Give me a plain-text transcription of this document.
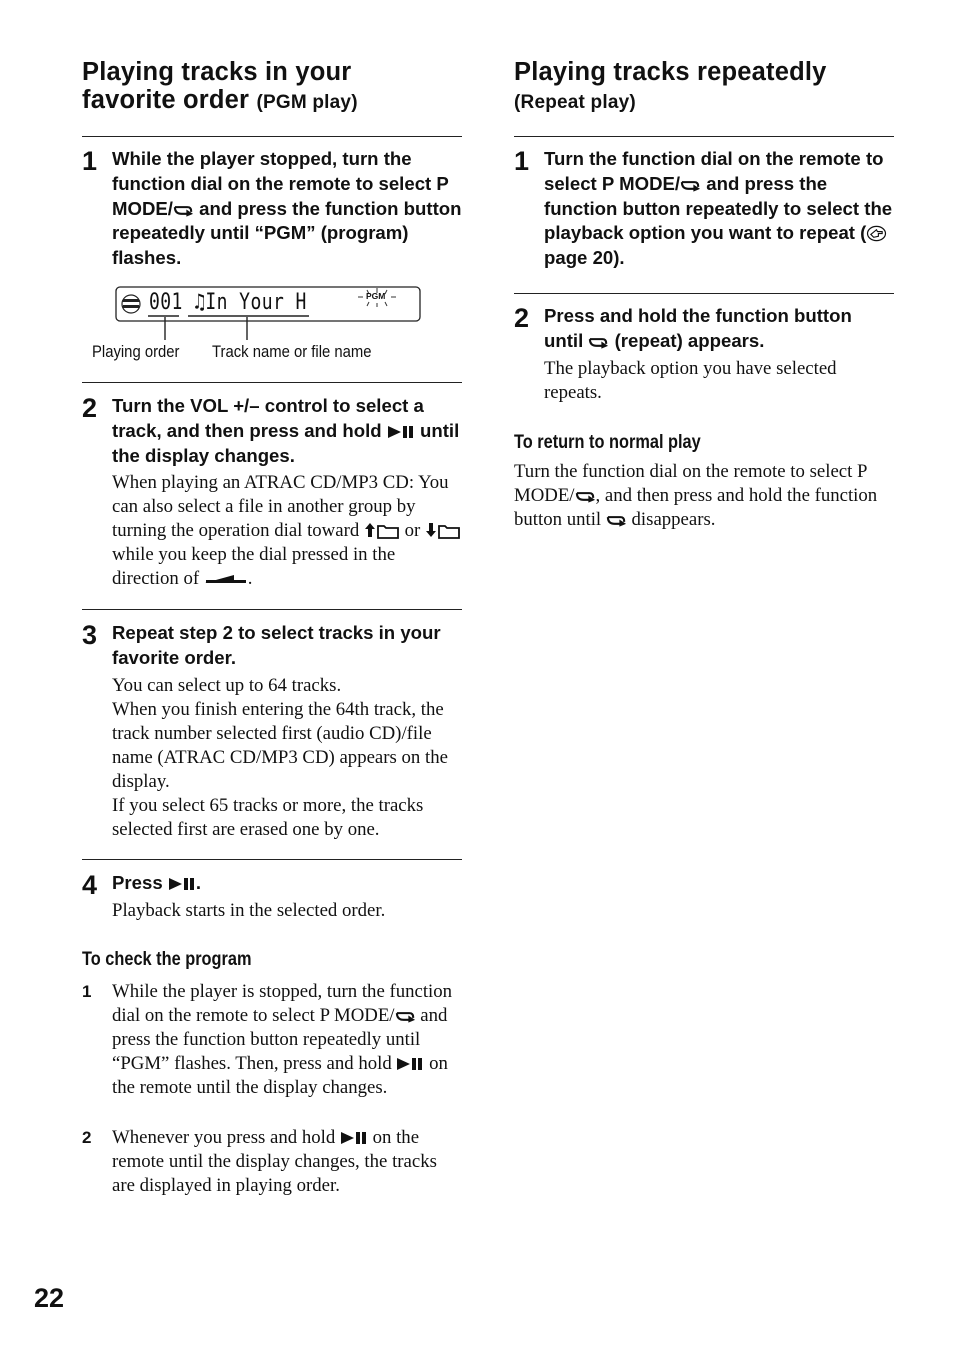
Playing tracks in your
favorite order (PGM play)
1 While the player stopped, turn the function dial on the remote to select P MODE/ and press the function button repeatedly until “PGM” (program) flashes.
001 ♫In Your H	PGM
Playing order Track name or file name
2 Turn the VOL +/– control to select a track, and then press and hold  until the display changes.
When playing an ATRAC CD/MP3 CD: You can also select a file in another group by turning the operation dial toward  or  while you keep the dial pressed in the direction of .
3 Repeat step 2 to select tracks in your favorite order.
You can select up to 64 tracks.
When you finish entering the 64th track, the track number selected first (audio CD)/file name (ATRAC CD/MP3 CD) appears on the display.
If you select 65 tracks or more, the tracks selected first are erased one by one.
4 Press .
Playback starts in the selected order.
To check the program
1 While the player is stopped, turn the function dial on the remote to select P MODE/ and press the function button repeatedly until “PGM” flashes. Then, press and hold  on the remote until the display changes.
2 Whenever you press and hold  on the remote until the display changes, the tracks are displayed in playing order.
Playing tracks repeatedly
(Repeat play)
1 Turn the function dial on the remote to select P MODE/ and press the function button repeatedly to select the playback option you want to repeat (page 20).
2 Press and hold the function button until  (repeat) appears.
The playback option you have selected repeats.
To return to normal play
Turn the function dial on the remote to select P MODE/ , and then press and hold the function button until  disappears.
22
